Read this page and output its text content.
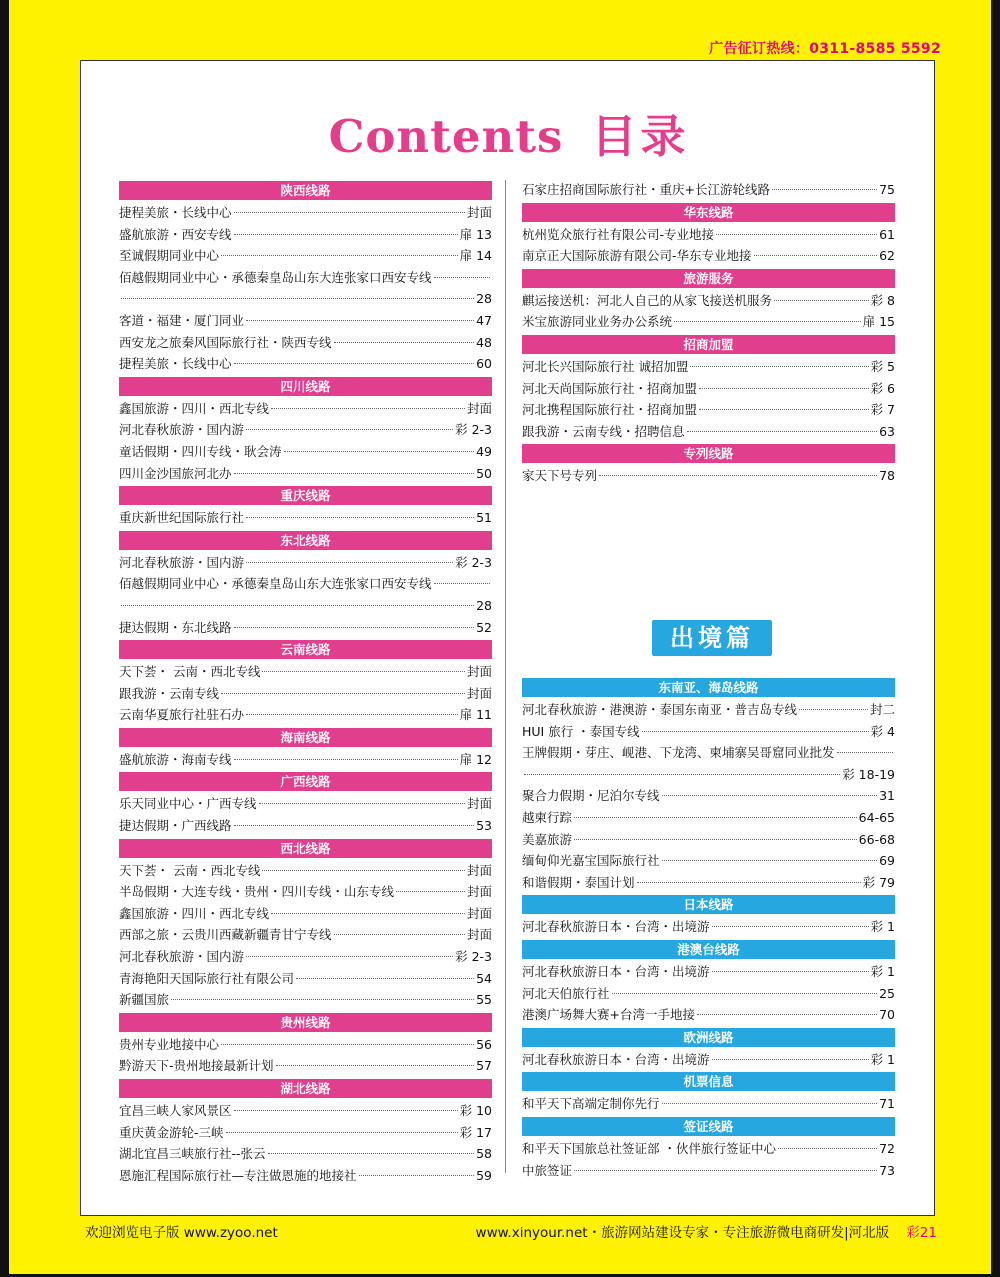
广告征订热线：0311-8585 5592
Contents 目录
陕西线路
捷程美旅・长线中心	封面
盛航旅游・西安专线	扉 13
至诚假期同业中心	扉 14
佰越假期同业中心・承德秦皇岛山东大连张家口西安专线
28
客道・福建・厦门同业	47
西安龙之旅秦风国际旅行社・陕西专线	48
捷程美旅・长线中心	60
四川线路
鑫国旅游・四川・西北专线	封面
河北春秋旅游・国内游	彩 2-3
童话假期・四川专线・耿会涛	49
四川金沙国旅河北办	50
重庆线路
重庆新世纪国际旅行社	51
东北线路
河北春秋旅游・国内游	彩 2-3
佰越假期同业中心・承德秦皇岛山东大连张家口西安专线
28
捷达假期・东北线路	52
云南线路
天下荟・ 云南・西北专线	封面
跟我游・云南专线	封面
云南华夏旅行社驻石办	扉 11
海南线路
盛航旅游・海南专线	扉 12
广西线路
乐天同业中心・广西专线	封面
捷达假期・广西线路	53
西北线路
天下荟・ 云南・西北专线	封面
半岛假期・大连专线・贵州・四川专线・山东专线	封面
鑫国旅游・四川・西北专线	封面
西部之旅・云贵川西藏新疆青甘宁专线	封面
河北春秋旅游・国内游	彩 2-3
青海艳阳天国际旅行社有限公司	54
新疆国旅	55
贵州线路
贵州专业地接中心	56
黔游天下-贵州地接最新计划	57
湖北线路
宜昌三峡人家风景区	彩 10
重庆黄金游轮-三峡	彩 17
湖北宜昌三峡旅行社--张云	58
恩施汇程国际旅行社—专注做恩施的地接社	59
石家庄招商国际旅行社・重庆+长江游轮线路	75
华东线路
杭州览众旅行社有限公司-专业地接	61
南京正大国际旅游有限公司-华东专业地接	62
旅游服务
麒运接送机：河北人自己的从家飞接送机服务	彩 8
米宝旅游同业业务办公系统	扉 15
招商加盟
河北长兴国际旅行社 诚招加盟	彩 5
河北天尚国际旅行社・招商加盟	彩 6
河北携程国际旅行社・招商加盟	彩 7
跟我游・云南专线・招聘信息	63
专列线路
家天下号专列	78
东南亚、海岛线路
河北春秋旅游・港澳游・泰国东南亚・普吉岛专线	封二
HUI 旅行 ・泰国专线	彩 4
王牌假期・芽庄、岘港、下龙湾、柬埔寨吴哥窟同业批发
彩 18-19
聚合力假期・尼泊尔专线	31
越柬行踪	64-65
美嘉旅游	66-68
缅甸仰光嘉宝国际旅行社	69
和谐假期・泰国计划	彩 79
日本线路
河北春秋旅游日本・台湾・出境游	彩 1
港澳台线路
河北春秋旅游日本・台湾・出境游	彩 1
河北天伯旅行社	25
港澳广场舞大赛+台湾一手地接	70
欧洲线路
河北春秋旅游日本・台湾・出境游	彩 1
机票信息
和平天下高端定制你先行	71
签证线路
和平天下国旅总社签证部 ・伙伴旅行签证中心	72
中旅签证	73
出境篇
欢迎浏览电子版 www.zyoo.net	www.xinyour.net・旅游网站建设专家・专注旅游微电商研发|河北版 彩21
